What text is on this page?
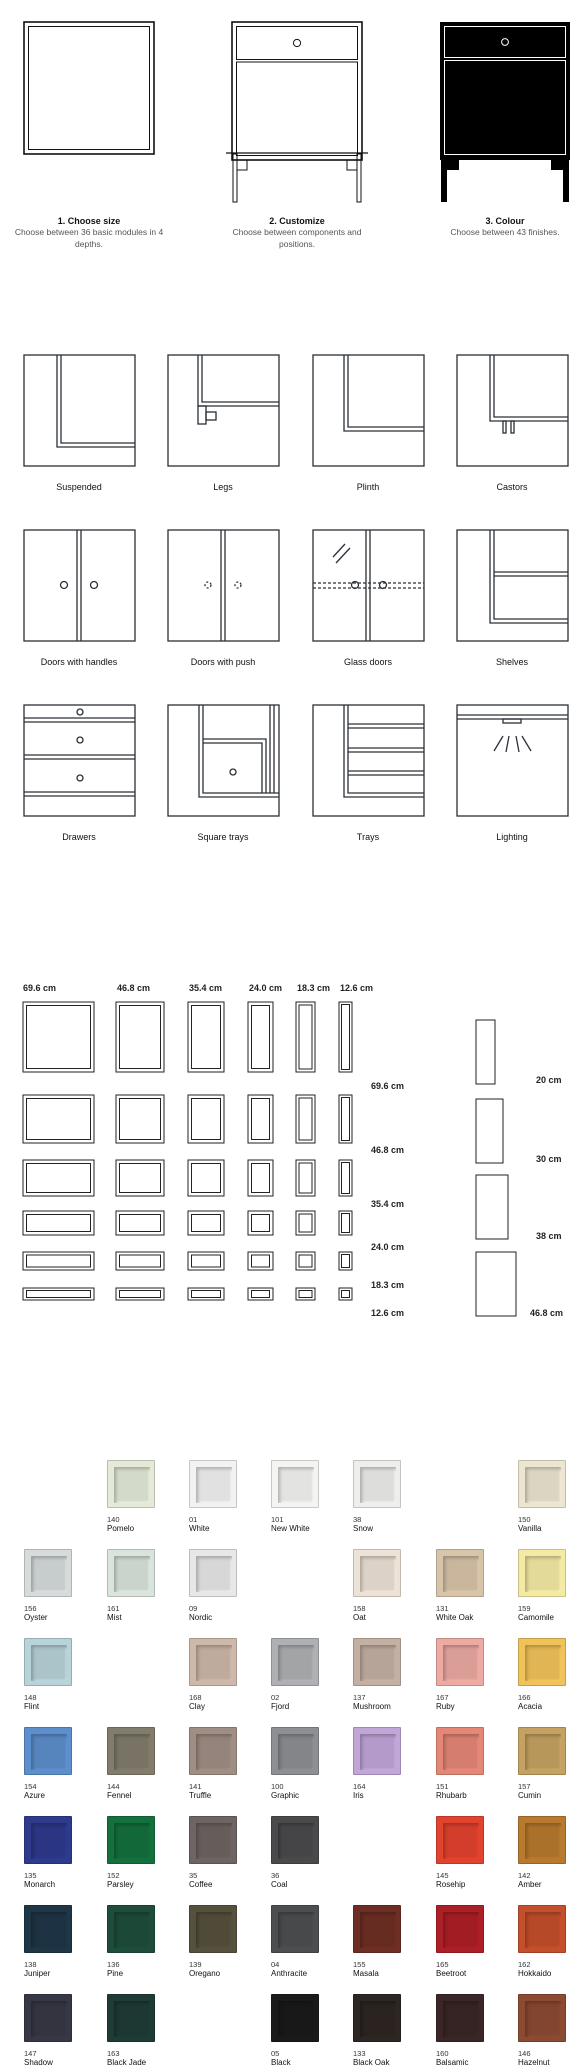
1. Choose size
Choose between 36 basic modules in 4 depths.
2. Customize
Choose between components and positions.
3. Colour
Choose between 43 finishes.
Suspended	Legs	Plinth	Castors
Doors with handles	Doors with push	Glass doors	Shelves
Drawers	Square trays	Trays	Lighting
69.6 cm	46.8 cm	35.4 cm	24.0 cm 18.3 cm 12.6 cm
69.6 cm
46.8 cm
35.4 cm
24.0 cm
18.3 cm
12.6 cm
20 cm
30 cm
38 cm
46.8 cm
140
Pomelo
01
White
101
New White
38
Snow
150
Vanilla
156
Oyster
161
Mist
09
Nordic
158
Oat
131
White Oak
159
Camomile
148
Flint
168
Clay
02
Fjord
137
Mushroom
167
Ruby
166
Acacia
154
Azure
144
Fennel
141
Truffle
100
Graphic
164
Iris
151
Rhubarb
157
Cumin
135
Monarch
152
Parsley
35
Coffee
36
Coal
145
Rosehip
142
Amber
138
Juniper
136
Pine
139
Oregano
04
Anthracite
155
Masala
165
Beetroot
162
Hokkaido
147
Shadow
163
Black Jade
05
Black
133
Black Oak
160
Balsamic
146
Hazelnut
